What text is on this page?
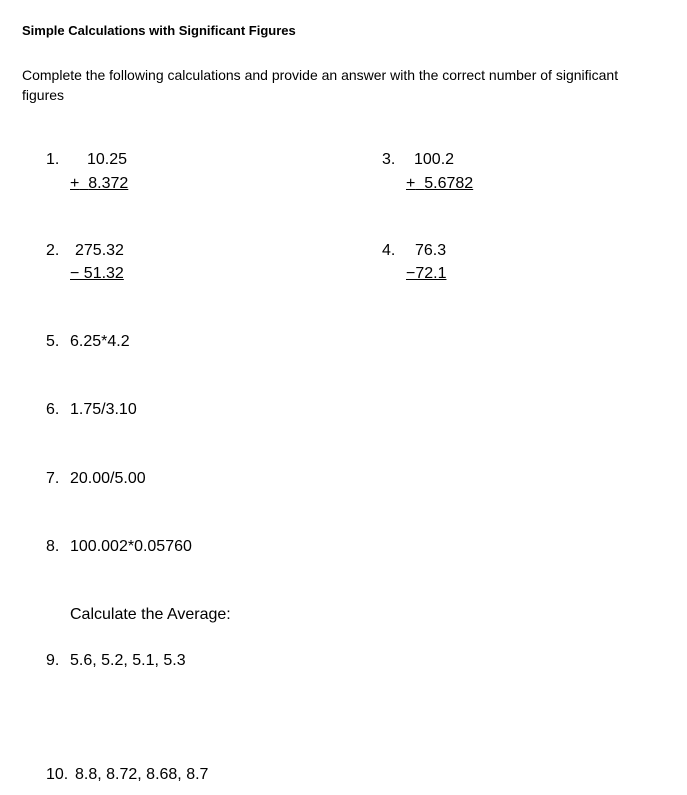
Simple Calculations with Significant Figures
Complete the following calculations and provide an answer with the correct number of significant figures
1. 10.25
+ 8.372
3. 100.2
+ 5.6782
2. 275.32
− 51.32
4. 76.3
−72.1
5. 6.25*4.2
6. 1.75/3.10
7. 20.00/5.00
8. 100.002*0.05760
Calculate the Average:
9. 5.6, 5.2, 5.1, 5.3
10. 8.8, 8.72, 8.68, 8.7
